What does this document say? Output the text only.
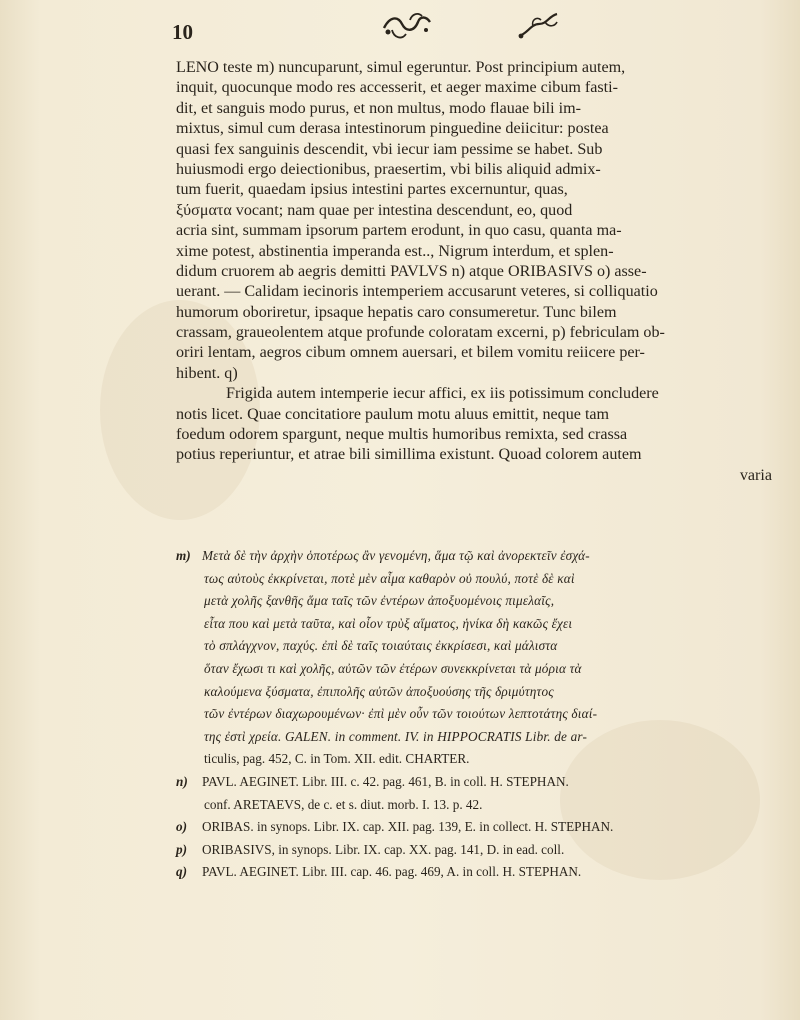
10
LENO teste m) nuncuparunt, simul egeruntur. Post principium autem,
inquit, quocunque modo res accesserit, et aeger maxime cibum fasti-
dit, et sanguis modo purus, et non multus, modo flauae bili im-
mixtus, simul cum derasa intestinorum pinguedine deiicitur: postea
quasi fex sanguinis descendit, vbi iecur iam pessime se habet. Sub
huiusmodi ergo deiectionibus, praesertim, vbi bilis aliquid admix-
tum fuerit, quaedam ipsius intestini partes excernuntur, quas,
ξύσματα vocant; nam quae per intestina descendunt, eo, quod
acria sint, summam ipsorum partem erodunt, in quo casu, quanta ma-
xime potest, abstinentia imperanda est.., Nigrum interdum, et splen-
didum cruorem ab aegris demitti PAVLVS n) atque ORIBASIVS o) asse-
uerant. — Calidam iecinoris intemperiem accusarunt veteres, si colliquatio
humorum oboriretur, ipsaque hepatis caro consumeretur. Tunc bilem
crassam, graueolentem atque profunde coloratam excerni, p) febriculam ob-
oriri lentam, aegros cibum omnem auersari, et bilem vomitu reiicere per-
hibent. q)
Frigida autem intemperie iecur affici, ex iis potissimum concludere
notis licet. Quae concitatiore paulum motu aluus emittit, neque tam
foedum odorem spargunt, neque multis humoribus remixta, sed crassa
potius reperiuntur, et atrae bili simillima existunt. Quoad colorem autem
varia
m) Μετὰ δὲ τὴν ἀρχὴν ὁποτέρως ἂν γενομένη, ἅμα τῷ καὶ ἀνορεκτεῖν ἐσχά-
τως αὐτοὺς ἐκκρίνεται, ποτὲ μὲν αἷμα καθαρὸν οὐ πουλύ, ποτὲ δὲ καὶ
μετὰ χολῆς ξανθῆς ἅμα ταῖς τῶν ἐντέρων ἀποξυομένοις πιμελαῖς,
εἶτα που καὶ μετὰ ταῦτα, καὶ οἷον τρὺξ αἵματος, ἡνίκα δὴ κακῶς ἔχει
τὸ σπλάγχνον, παχύς. ἐπὶ δὲ ταῖς τοιαύταις ἐκκρίσεσι, καὶ μάλιστα
ὅταν ἔχωσι τι καὶ χολῆς, αὐτῶν τῶν ἐτέρων συνεκκρίνεται τὰ μόρια τὰ
καλούμενα ξύσματα, ἐπιπολῆς αὐτῶν ἀποξυούσης τῆς δριμύτητος
τῶν ἐντέρων διαχωρουμένων· ἐπὶ μὲν οὖν τῶν τοιούτων λεπτοτάτης διαί-
της ἐστὶ χρεία. GALEN. in comment. IV. in HIPPOCRATIS Libr. de ar-
ticulis, pag. 452, C. in Tom. XII. edit. CHARTER.
n) PAVL. AEGINET. Libr. III. c. 42. pag. 461, B. in coll. H. STEPHAN.
conf. ARETAEVS, de c. et s. diut. morb. I. 13. p. 42.
o) ORIBAS. in synops. Libr. IX. cap. XII. pag. 139, E. in collect. H. STEPHAN.
p) ORIBASIVS, in synops. Libr. IX. cap. XX. pag. 141, D. in ead. coll.
q) PAVL. AEGINET. Libr. III. cap. 46. pag. 469, A. in coll. H. STEPHAN.
